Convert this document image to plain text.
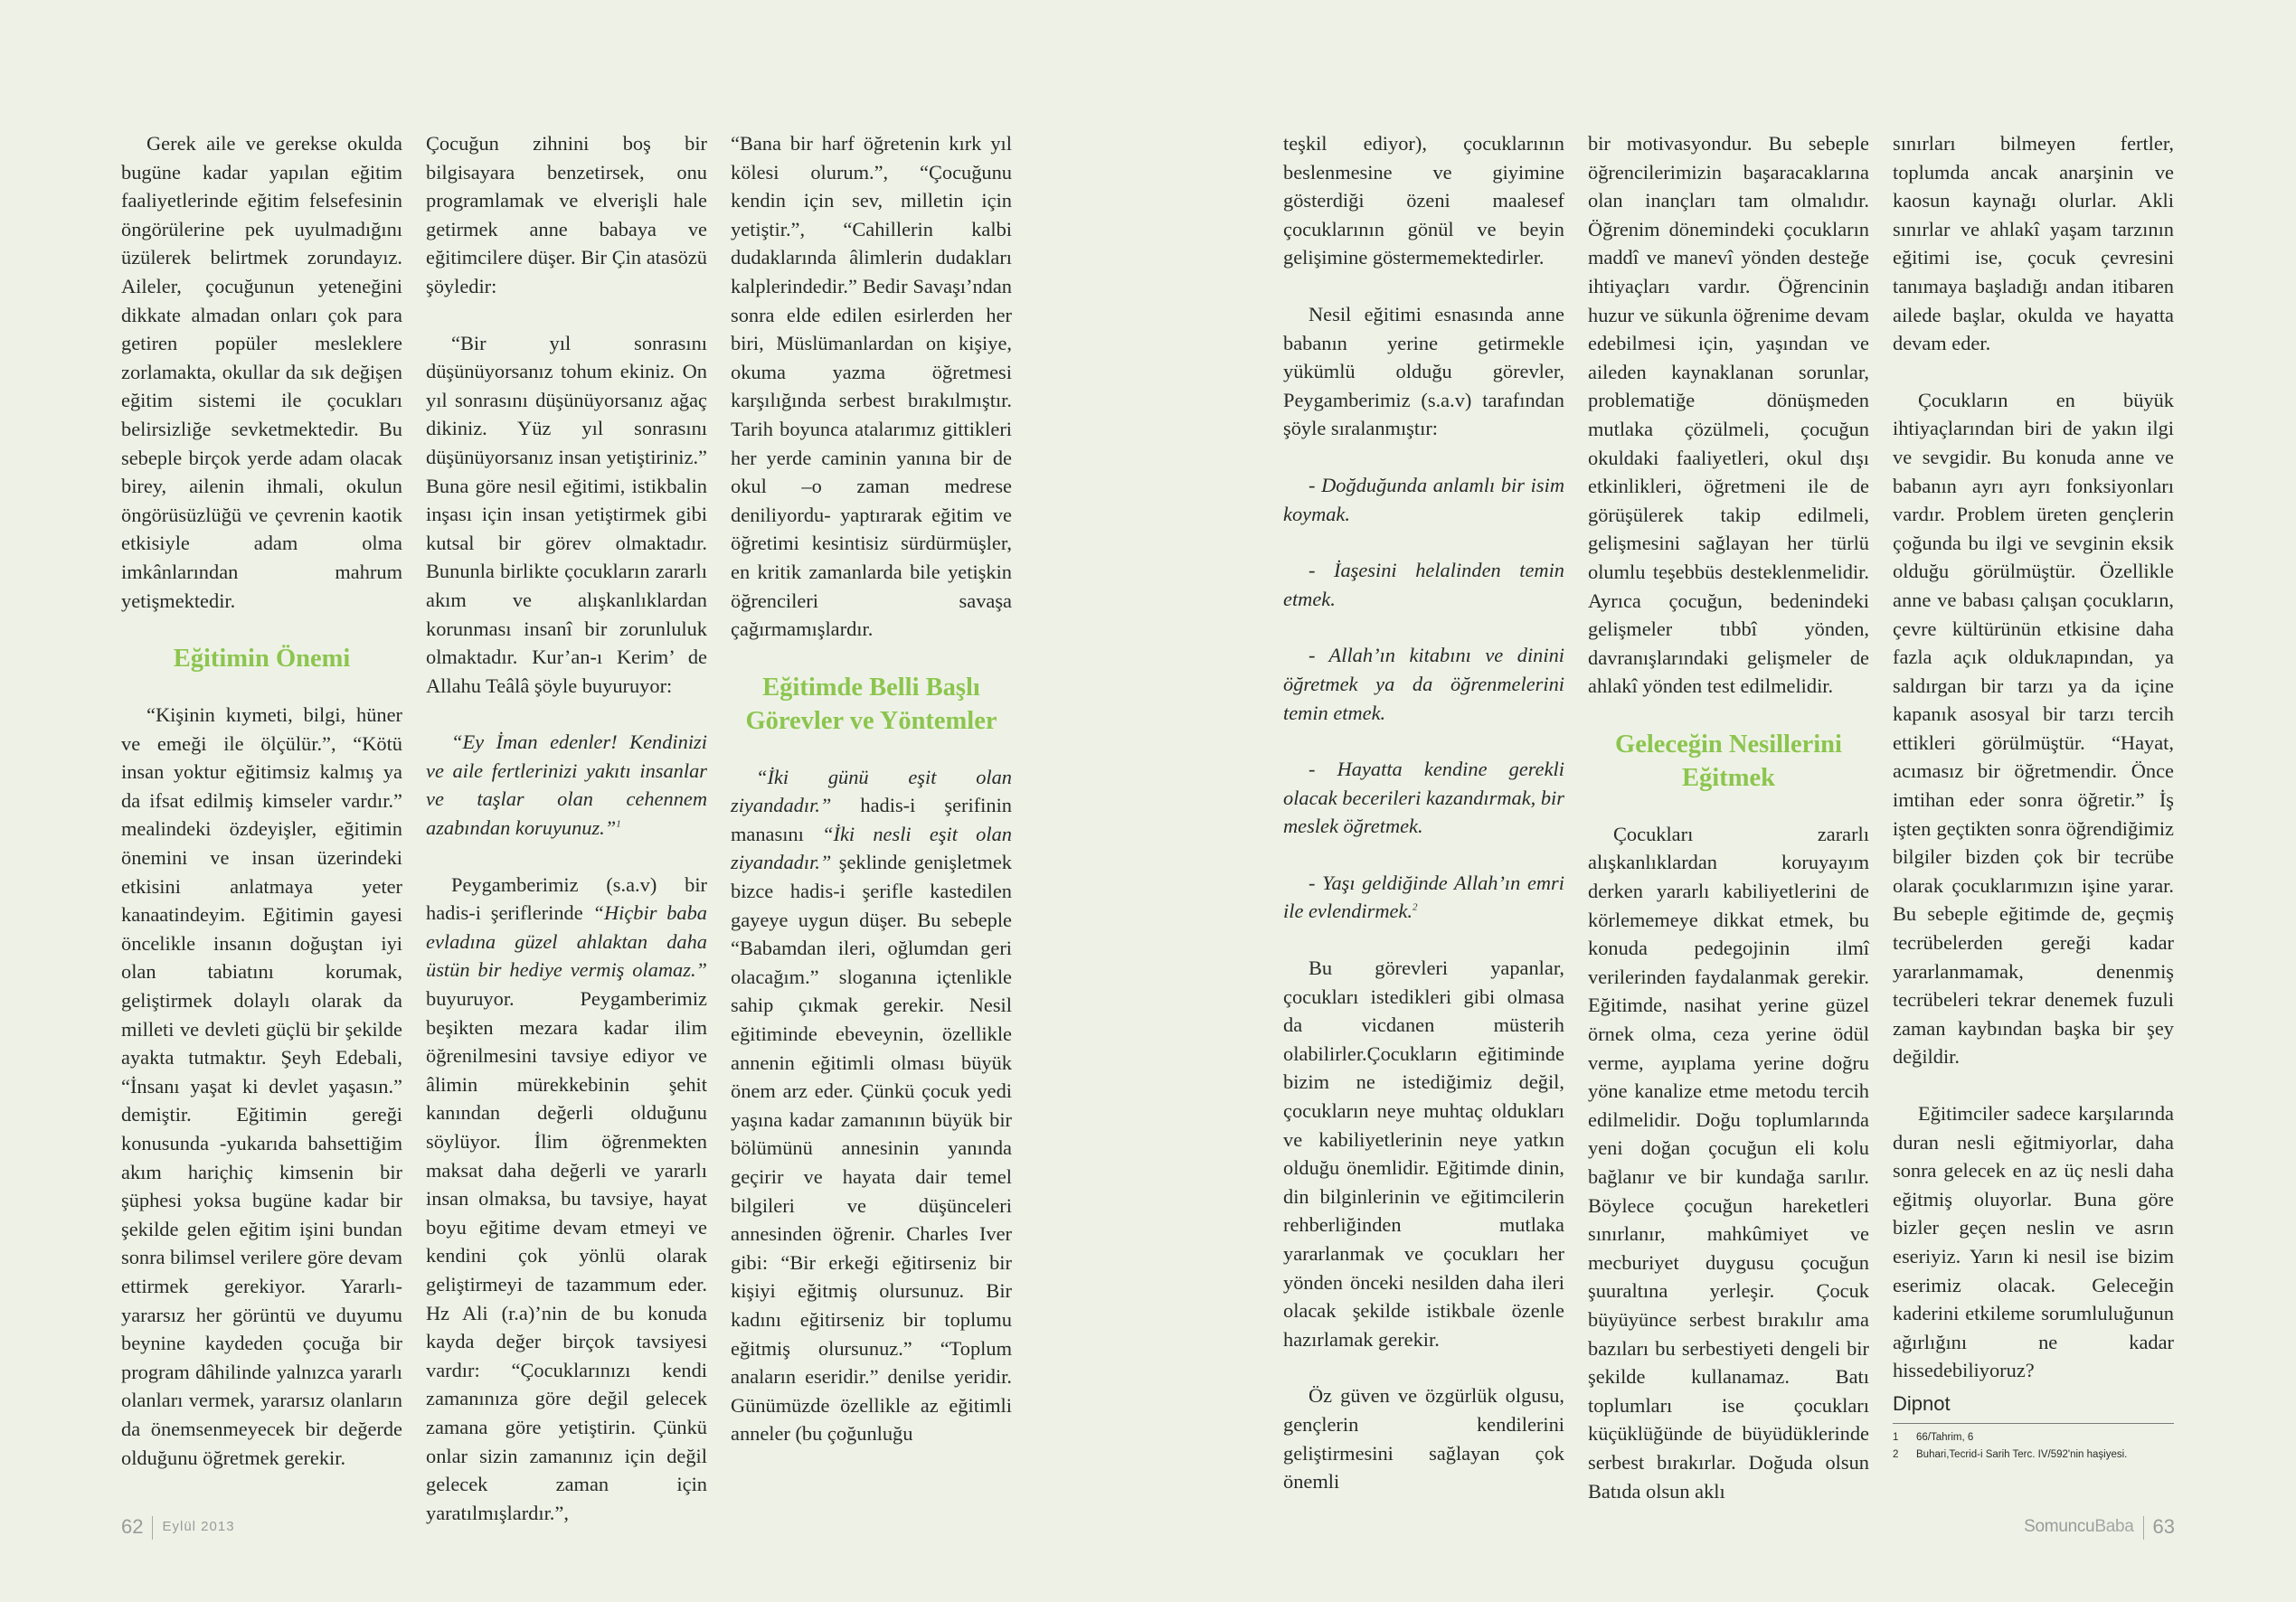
Gerek aile ve gerekse okulda bugüne kadar yapılan eğitim faaliyetlerinde eğitim felsefesinin öngörülerine pek uyulmadığını üzülerek belirtmek zorundayız. Aileler, çocuğunun yeteneğini dikkate almadan onları çok para getiren popüler mesleklere zorlamakta, okullar da sık değişen eğitim sistemi ile çocukları belirsizliğe sevketmektedir. Bu sebeple birçok yerde adam olacak birey, ailenin ihmali, okulun öngörüsüzlüğü ve çevrenin kaotik etkisiyle adam olma imkânlarından mahrum yetişmektedir.

Eğitimin Önemi

“Kişinin kıymeti, bilgi, hüner ve emeği ile ölçülür.”, “Kötü insan yoktur eğitimsiz kalmış ya da ifsat edilmiş kimseler vardır.” mealindeki özdeyişler, eğitimin önemini ve insan üzerindeki etkisini anlatmaya yeter kanaatindeyim. Eğitimin gayesi öncelikle insanın doğuştan iyi olan tabiatını korumak, geliştirmek dolaylı olarak da milleti ve devleti güçlü bir şekilde ayakta tutmaktır. Şeyh Edebali, “İnsanı yaşat ki devlet yaşasın.” demiştir. Eğitimin gereği konusunda -yukarıda bahsettiğim akım hariçhiç kimsenin bir şüphesi yoksa bugüne kadar bir şekilde gelen eğitim işini bundan sonra bilimsel verilere göre devam ettirmek gerekiyor. Yararlı-yararsız her görüntü ve duyumu beynine kaydeden çocuğa bir program dâhilinde yalnızca yararlı olanları vermek, yararsız olanların da önemsenmeyecek bir değerde olduğunu öğretmek gerekir.

Çocuğun zihnini boş bir bilgisayara benzetirsek, onu programlamak ve elverişli hale getirmek anne babaya ve eğitimcilere düşer. Bir Çin atasözü şöyledir:

“Bir yıl sonrasını düşünüyorsanız tohum ekiniz. On yıl sonrasını düşünüyorsanız ağaç dikiniz. Yüz yıl sonrasını düşünüyorsanız insan yetiştiriniz.” Buna göre nesil eğitimi, istikbalin inşası için insan yetiştirmek gibi kutsal bir görev olmaktadır. Bununla birlikte çocukların zararlı akım ve alışkanlıklardan korunması insanî bir zorunluluk olmaktadır. Kur’an-ı Kerim’ de Allahu Teâlâ şöyle buyuruyor:

“Ey İman edenler! Kendinizi ve aile fertlerinizi yakıtı insanlar ve taşlar olan cehennem azabından koruyunuz.”$^1$

Peygamberimiz (s.a.v) bir hadis-i şeriflerinde “Hiçbir baba evladına güzel ahlaktan daha üstün bir hediye vermiş olamaz.” buyuruyor. Peygamberimiz beşikten mezara kadar ilim öğrenilmesini tavsiye ediyor ve âlimin mürekkebinin şehit kanından değerli olduğunu söylüyor. İlim öğrenmekten maksat daha değerli ve yararlı insan olmaksa, bu tavsiye, hayat boyu eğitime devam etmeyi ve kendini çok yönlü olarak geliştirmeyi de tazammum eder. Hz Ali (r.a)’nin de bu konuda kayda değer birçok tavsiyesi vardır: “Çocuklarınızı kendi zamanınıza göre değil gelecek zamana göre yetiştirin. Çünkü onlar sizin zamanınız için değil gelecek zaman için yaratılmışlardır.”,

“Bana bir harf öğretenin kırk yıl kölesi olurum.”, “Çocuğunu kendin için sev, milletin için yetiştir.”, “Cahillerin kalbi dudaklarında âlimlerin dudakları kalplerindedir.” Bedir Savaşı’ndan sonra elde edilen esirlerden her biri, Müslümanlardan on kişiye, okuma yazma öğretmesi karşılığında serbest bırakılmıştır. Tarih boyunca atalarımız gittikleri her yerde caminin yanına bir de okul –o zaman medrese deniliyordu- yaptırarak eğitim ve öğretimi kesintisiz sürdürmüşler, en kritik zamanlarda bile yetişkin öğrencileri savaşa çağırmamışlardır.

Eğitimde Belli Başlı Görevler ve Yöntemler

“İki günü eşit olan ziyandadır.” hadis-i şerifinin manasını “İki nesli eşit olan ziyandadır.” şeklinde genişletmek bizce hadis-i şerifle kastedilen gayeye uygun düşer. Bu sebeple “Babamdan ileri, oğlumdan geri olacağım.” sloganına içtenlikle sahip çıkmak gerekir. Nesil eğitiminde ebeveynin, özellikle annenin eğitimli olması büyük önem arz eder. Çünkü çocuk yedi yaşına kadar zamanının büyük bir bölümünü annesinin yanında geçirir ve hayata dair temel bilgileri ve düşünceleri annesinden öğrenir. Charles Iver gibi: “Bir erkeği eğitirseniz bir kişiyi eğitmiş olursunuz. Bir kadını eğitirseniz bir toplumu eğitmiş olursunuz.” “Toplum anaların eseridir.” denilse yeridir. Günümüzde özellikle az eğitimli anneler (bu çoğunluğu

62 Eylül 2013

teşkil ediyor), çocuklarının beslenmesine ve giyimine gösterdiği özeni maalesef çocuklarının gönül ve beyin gelişimine göstermemektedirler.

Nesil eğitimi esnasında anne babanın yerine getirmekle yükümlü olduğu görevler, Peygamberimiz (s.a.v) tarafından şöyle sıralanmıştır:

- Doğduğunda anlamlı bir isim koymak.

- İaşesini helalinden temin etmek.

- Allah’ın kitabını ve dinini öğretmek ya da öğrenmelerini temin etmek.

- Hayatta kendine gerekli olacak becerileri kazandırmak, bir meslek öğretmek.

- Yaşı geldiğinde Allah’ın emri ile evlendirmek.$^2$

Bu görevleri yapanlar, çocukları istedikleri gibi olmasa da vicdanen müsterih olabilirler.Çocukların eğitiminde bizim ne istediğimiz değil, çocukların neye muhtaç oldukları ve kabiliyetlerinin neye yatkın olduğu önemlidir. Eğitimde dinin, din bilginlerinin ve eğitimcilerin rehberliğinden mutlaka yararlanmak ve çocukları her yönden önceki nesilden daha ileri olacak şekilde istikbale özenle hazırlamak gerekir.

Öz güven ve özgürlük olgusu, gençlerin kendilerini geliştirmesini sağlayan çok önemli

bir motivasyondur. Bu sebeple öğrencilerimizin başaracaklarına olan inançları tam olmalıdır. Öğrenim dönemindeki çocukların maddî ve manevî yönden desteğe ihtiyaçları vardır. Öğrencinin huzur ve sükunla öğrenime devam edebilmesi için, yaşından ve aileden kaynaklanan sorunlar, problematiğe dönüşmeden mutlaka çözülmeli, çocuğun okuldaki faaliyetleri, okul dışı etkinlikleri, öğretmeni ile de görüşülerek takip edilmeli, gelişmesini sağlayan her türlü olumlu teşebbüs desteklenmelidir. Ayrıca çocuğun, bedenindeki gelişmeler tıbbî yönden, davranışlarındaki gelişmeler de ahlakî yönden test edilmelidir.

Geleceğin Nesillerini Eğitmek

Çocukları zararlı alışkanlıklardan koruyayım derken yararlı kabiliyetlerini de körlememeye dikkat etmek, bu konuda pedegojinin ilmî verilerinden faydalanmak gerekir. Eğitimde, nasihat yerine güzel örnek olma, ceza yerine ödül verme, ayıplama yerine doğru yöne kanalize etme metodu tercih edilmelidir. Doğu toplumlarında yeni doğan çocuğun eli kolu bağlanır ve bir kundağa sarılır. Böylece çocuğun hareketleri sınırlanır, mahkûmiyet ve mecburiyet duygusu çocuğun şuuraltına yerleşir. Çocuk büyüyünce serbest bırakılır ama bazıları bu serbestiyeti dengeli bir şekilde kullanamaz. Batı toplumları ise çocukları küçüklüğünde de büyüdüklerinde serbest bırakırlar. Doğuda olsun Batıda olsun aklı

sınırları bilmeyen fertler, toplumda ancak anarşinin ve kaosun kaynağı olurlar. Akli sınırlar ve ahlakî yaşam tarzının eğitimi ise, çocuk çevresini tanımaya başladığı andan itibaren ailede başlar, okulda ve hayatta devam eder.

Çocukların en büyük ihtiyaçlarından biri de yakın ilgi ve sevgidir. Bu konuda anne ve babanın ayrı ayrı fonksiyonları vardır. Problem üreten gençlerin çoğunda bu ilgi ve sevginin eksik olduğu görülmüştür. Özellikle anne ve babası çalışan çocukların, çevre kültürünün etkisine daha fazla açık oldukларından, ya saldırgan bir tarzı ya da içine kapanık asosyal bir tarzı tercih ettikleri görülmüştür. “Hayat, acımasız bir öğretmendir. Önce imtihan eder sonra öğretir.” İş işten geçtikten sonra öğrendiğimiz bilgiler bizden çok bir tecrübe olarak çocuklarımızın işine yarar. Bu sebeple eğitimde de, geçmiş tecrübelerden gereği kadar yararlanmamak, denenmiş tecrübeleri tekrar denemek fuzuli zaman kaybından başka bir şey değildir.

Eğitimciler sadece karşılarında duran nesli eğitmiyorlar, daha sonra gelecek en az üç nesli daha eğitmiş oluyorlar. Buna göre bizler geçen neslin ve asrın eseriyiz. Yarın ki nesil ise bizim eserimiz olacak. Geleceğin kaderini etkileme sorumluluğunun ağırlığını ne kadar hissedebiliyoruz?

Dipnot
1 66/Tahrim, 6
2 Buhari,Tecrid-i Sarih Terc. IV/592'nin haşiyesi.
SomuncuBaba 63
